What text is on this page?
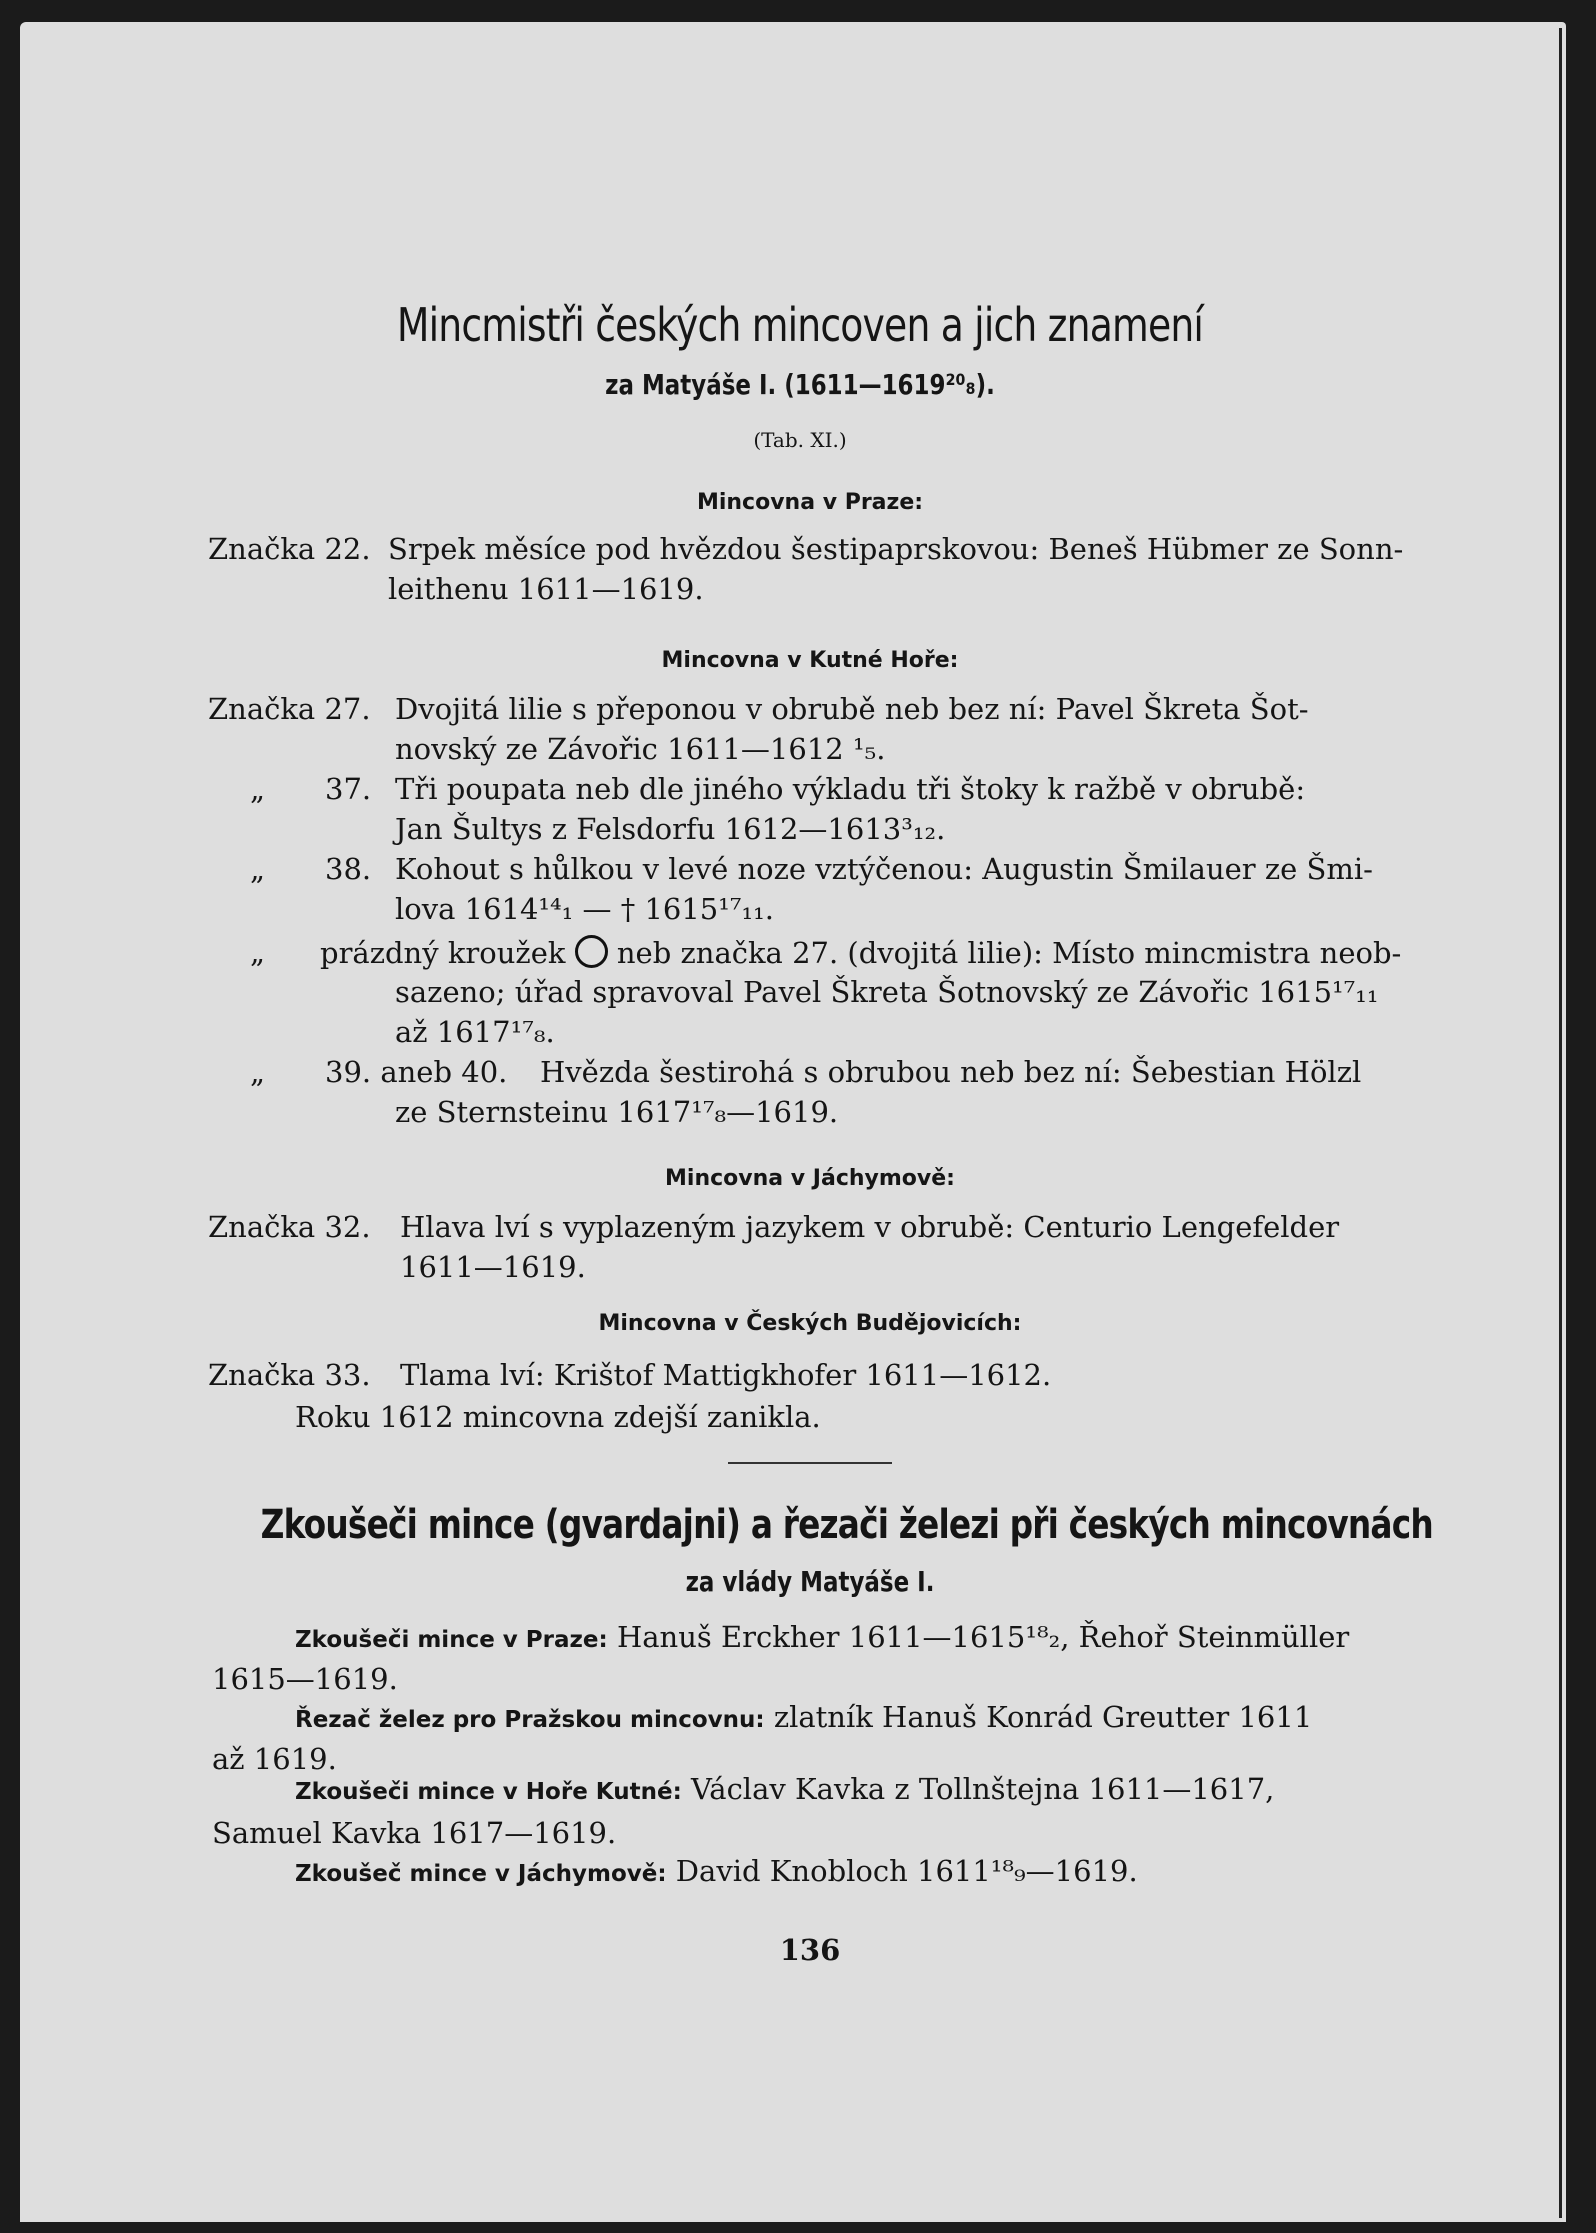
Mincmistři českých mincoven a jich znamení
za Matyáše I. (1611—1619²⁰₈).
(Tab. XI.)
Mincovna v Praze:
Značka 22. Srpek měsíce pod hvězdou šestipaprskovou: Beneš Hübmer ze Sonn-
leithenu 1611—1619.
Mincovna v Kutné Hoře:
Značka 27. Dvojitá lilie s přeponou v obrubě neb bez ní: Pavel Škreta Šot-
novský ze Závořic 1611—1612 ¹₅.
„ 37. Tři poupata neb dle jiného výkladu tři štoky k ražbě v obrubě:
Jan Šultys z Felsdorfu 1612—1613³₁₂.
„ 38. Kohout s hůlkou v levé noze vztýčenou: Augustin Šmilauer ze Šmi-
lova 1614¹⁴₁ — † 1615¹⁷₁₁.
„ prázdný kroužek neb značka 27. (dvojitá lilie): Místo mincmistra neob-
sazeno; úřad spravoval Pavel Škreta Šotnovský ze Závořic 1615¹⁷₁₁
až 1617¹⁷₈.
„ 39. aneb 40. Hvězda šestirohá s obrubou neb bez ní: Šebestian Hölzl
ze Sternsteinu 1617¹⁷₈—1619.
Mincovna v Jáchymově:
Značka 32. Hlava lví s vyplazeným jazykem v obrubě: Centurio Lengefelder
1611—1619.
Mincovna v Českých Budějovicích:
Značka 33. Tlama lví: Krištof Mattigkhofer 1611—1612.
Roku 1612 mincovna zdejší zanikla.
Zkoušeči mince (gvardajni) a řezači železi při českých mincovnách
za vlády Matyáše I.
Zkoušeči mince v Praze: Hanuš Erckher 1611—1615¹⁸₂, Řehoř Steinmüller
1615—1619.
Řezač želez pro Pražskou mincovnu: zlatník Hanuš Konrád Greutter 1611
až 1619.
Zkoušeči mince v Hoře Kutné: Václav Kavka z Tollnštejna 1611—1617,
Samuel Kavka 1617—1619.
Zkoušeč mince v Jáchymově: David Knobloch 1611¹⁸₉—1619.
136
